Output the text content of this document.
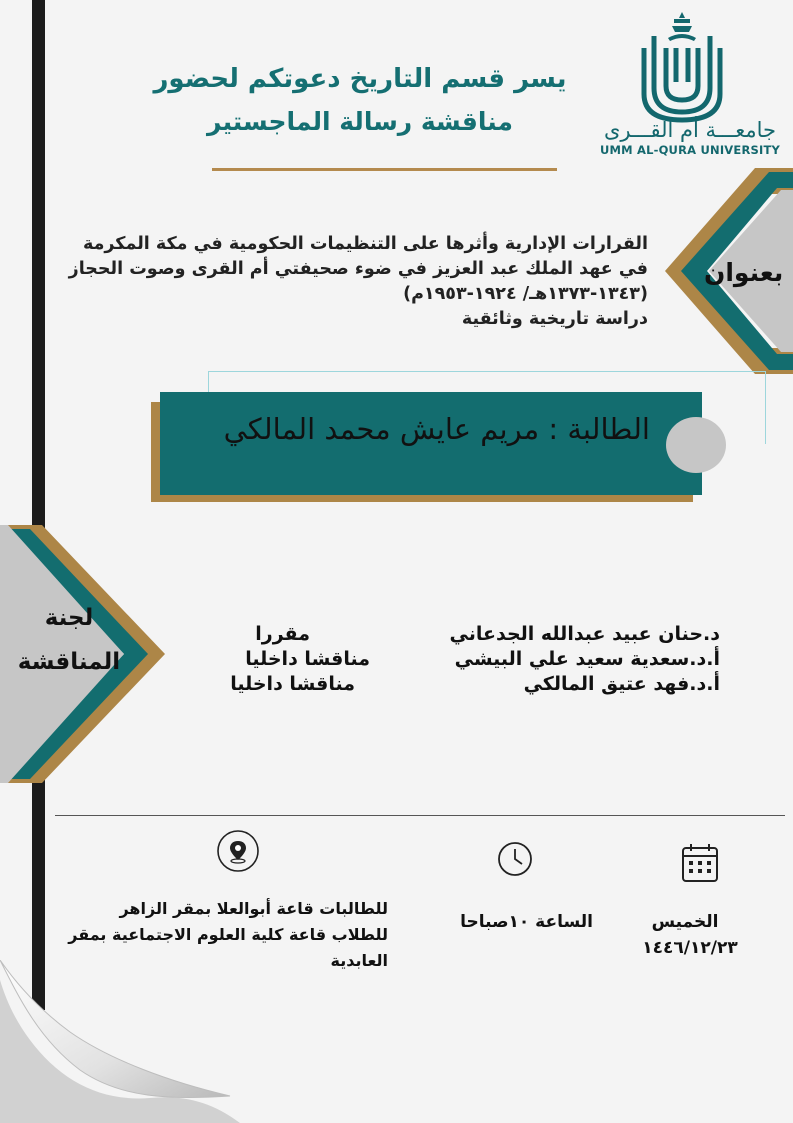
جامعـــة أم القـــرى
UMM AL-QURA UNIVERSITY
يسر قسم التاريخ دعوتكم لحضور
مناقشة رسالة الماجستير
بعنوان
القرارات الإدارية وأثرها على التنظيمات الحكومية في مكة المكرمة
في عهد الملك عبد العزيز في ضوء صحيفتي أم القرى وصوت الحجاز
(١٣٤٣-١٣٧٣هـ/ ١٩٢٤-١٩٥٣م)
دراسة تاريخية وثائقية
الطالبة : مريم عايش محمد المالكي
لجنة
المناقشة
د.حنان عبيد عبدالله الجدعاني
أ.د.سعدية سعيد علي البيشي
أ.د.فهد عتيق المالكي
مقررا
مناقشا داخليا
مناقشا داخليا
للطالبات قاعة أبوالعلا بمقر الزاهر
للطلاب قاعة كلية العلوم الاجتماعية بمقر
العابدية
الساعة ١٠صباحا	الخميس
١٤٤٦/١٢/٢٣
